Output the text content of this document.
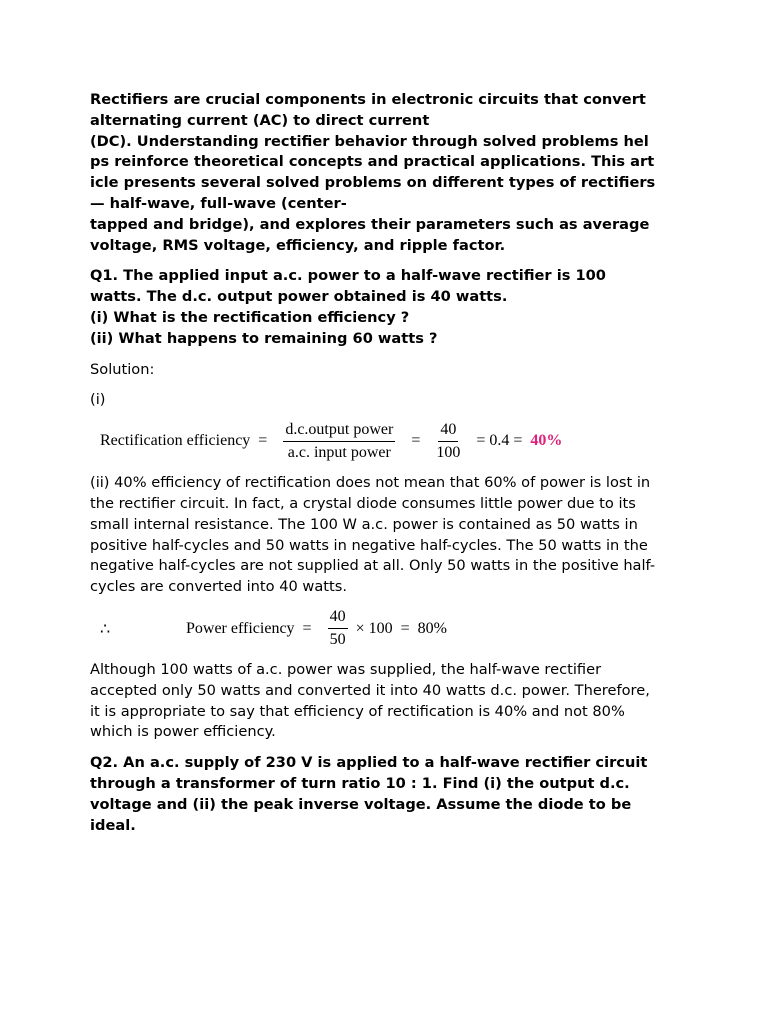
Rectifiers are crucial components in electronic circuits that convert
alternating current (AC) to direct current
(DC). Understanding rectifier behavior through solved problems hel
ps reinforce theoretical concepts and practical applications. This art
icle presents several solved problems on different types of rectifiers
— half-wave, full-wave (center-
tapped and bridge), and explores their parameters such as average
voltage, RMS voltage, efficiency, and ripple factor.

Q1. The applied input a.c. power to a half-wave rectifier is 100
watts. The d.c. output power obtained is 40 watts.
(i) What is the rectification efficiency ?
(ii) What happens to remaining 60 watts ?

Solution:

(i)

Rectification efficiency = $\frac{\text{d.c.output power}}{\text{a.c. input power}} = \frac{40}{100} = 0.4 = 40\%$

(ii) 40% efficiency of rectification does not mean that 60% of power is lost in
the rectifier circuit. In fact, a crystal diode consumes little power due to its
small internal resistance. The 100 W a.c. power is contained as 50 watts in
positive half-cycles and 50 watts in negative half-cycles. The 50 watts in the
negative half-cycles are not supplied at all. Only 50 watts in the positive half-
cycles are converted into 40 watts.

∴	Power efficiency = $\frac{40}{50} \times 100 = 80\%$

Although 100 watts of a.c. power was supplied, the half-wave rectifier
accepted only 50 watts and converted it into 40 watts d.c. power. Therefore,
it is appropriate to say that efficiency of rectification is 40% and not 80%
which is power efficiency.

Q2. An a.c. supply of 230 V is applied to a half-wave rectifier circuit
through a transformer of turn ratio 10 : 1. Find (i) the output d.c.
voltage and (ii) the peak inverse voltage. Assume the diode to be
ideal.
